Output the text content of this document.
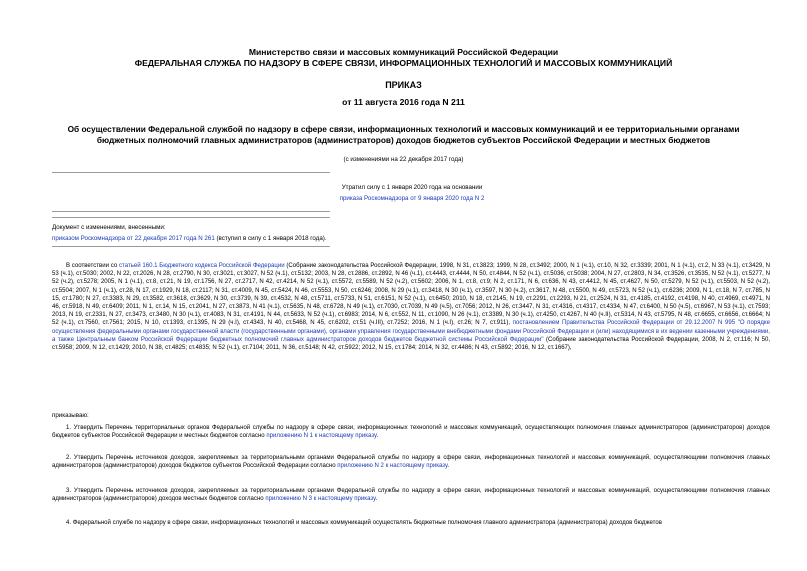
Министерство связи и массовых коммуникаций Российской Федерации
ФЕДЕРАЛЬНАЯ СЛУЖБА ПО НАДЗОРУ В СФЕРЕ СВЯЗИ, ИНФОРМАЦИОННЫХ ТЕХНОЛОГИЙ И МАССОВЫХ КОММУНИКАЦИЙ
ПРИКАЗ
от 11 августа 2016 года N 211
Об осуществлении Федеральной службой по надзору в сфере связи, информационных технологий и массовых коммуникаций и ее территориальными органами
бюджетных полномочий главных администраторов (администраторов) доходов бюджетов субъектов Российской Федерации и местных бюджетов
(с изменениями на 22 декабря 2017 года)
Утратил силу с 1 января 2020 года на основании
приказа Роскомнадзора от 9 января 2020 года N 2
Документ с изменениями, внесенными:
приказом Роскомнадзора от 22 декабря 2017 года N 261 (вступил в силу с 1 января 2018 года).
В соответствии со статьей 160.1 Бюджетного кодекса Российской Федерации (Собрание законодательства Российской Федерации, 1998, N 31, ст.3823; 1999, N 28, ст.3492; 2000, N 1 (ч.1), ст.10, N 32, ст.3339; 2001, N 1 (ч.1), ст.2, N 33 (ч.1), ст.3429, N 53 (ч.1), ст.5030; 2002, N 22, ст.2026, N 28, ст.2790, N 30, ст.3021, ст.3027, N 52 (ч.1), ст.5132; 2003, N 28, ст.2886, ст.2892, N 46 (ч.1), ст.4443, ст.4444, N 50, ст.4844, N 52 (ч.1), ст.5036, ст.5038; 2004, N 27, ст.2803, N 34, ст.3526, ст.3535, N 52 (ч.1), ст.5277, N 52 (ч.2), ст.5278; 2005, N 1 (ч.1), ст.8, ст.21, N 19, ст.1756, N 27, ст.2717, N 42, ст.4214, N 52 (ч.1), ст.5572, ст.5589, N 52 (ч.2), ст.5602; 2006, N 1, ст.8, ст.9; N 2, ст.171, N 6, ст.636, N 43, ст.4412, N 45, ст.4627, N 50, ст.5279, N 52 (ч.1), ст.5503, N 52 (ч.2), ст.5504; 2007, N 1 (ч.1), ст.28, N 17, ст.1929, N 18, ст.2117; N 31, ст.4009, N 45, ст.5424, N 46, ст.5553, N 50, ст.6246; 2008, N 29 (ч.1), ст.3418, N 30 (ч.1), ст.3597, N 30 (ч.2), ст.3617, N 48, ст.5500, N 49, ст.5723, N 52 (ч.1), ст.6236; 2009, N 1, ст.18, N 7, ст.785, N 15, ст.1780; N 27, ст.3383, N 29, ст.3582, ст.3618, ст.3629, N 30, ст.3739, N 39, ст.4532, N 48, ст.5711, ст.5733, N 51, ст.6151, N 52 (ч.1), ст.6450; 2010, N 18, ст.2145, N 19, ст.2291, ст.2293, N 21, ст.2524, N 31, ст.4185, ст.4192, ст.4198, N 40, ст.4969, ст.4971, N 46, ст.5918, N 49, ст.6409; 2011, N 1, ст.14, N 15, ст.2041, N 27, ст.3873, N 41 (ч.1), ст.5635, N 48, ст.6728, N 49 (ч.1), ст.7030, ст.7039, N 49 (ч.5), ст.7056; 2012, N 26, ст.3447, N 31, ст.4316, ст.4317, ст.4334, N 47, ст.6400, N 50 (ч.5), ст.6967, N 53 (ч.1), ст.7593; 2013, N 19, ст.2331, N 27, ст.3473, ст.3480, N 30 (ч.1), ст.4083, N 31, ст.4191, N 44, ст.5633, N 52 (ч.1), ст.6983; 2014, N 6, ст.552, N 11, ст.1090, N 26 (ч.1), ст.3389, N 30 (ч.1), ст.4250, ст.4267, N 40 (ч.II), ст.5314, N 43, ст.5795, N 48, ст.6655, ст.6656, ст.6664; N 52 (ч.1), ст.7560, ст.7561; 2015, N 10, ст.1393, ст.1395, N 29 (ч.I), ст.4343, N 40, ст.5468, N 45, ст.6202, ст.51 (ч.III), ст.7252; 2016, N 1 (ч.I), ст.26; N 7, ст.911), постановлением Правительства Российской Федерации от 29.12.2007 N 995 "О порядке осуществления федеральными органами государственной власти (государственными органами), органами управления государственными внебюджетными фондами Российской Федерации и (или) находящимися в их ведении казенными учреждениями, а также Центральным банком Российской Федерации бюджетных полномочий главных администраторов доходов бюджетов бюджетной системы Российской Федерации" (Собрание законодательства Российской Федерации, 2008, N 2, ст.116; N 50, ст.5958; 2009, N 12, ст.1429; 2010, N 38, ст.4825; ст.4835; N 52 (ч.1), ст.7104; 2011, N 36, ст.5148; N 42, ст.5922; 2012, N 15, ст.1784; 2014, N 32, ст.4486; N 43, ст.5892; 2016, N 12, ст.1667),
приказываю:
1. Утвердить Перечень территориальных органов Федеральной службы по надзору в сфере связи, информационных технологий и массовых коммуникаций, осуществляющих полномочия главных администраторов (администраторов) доходов бюджетов субъектов Российской Федерации и местных бюджетов согласно приложению N 1 к настоящему приказу.
2. Утвердить Перечень источников доходов, закрепляемых за территориальными органами Федеральной службы по надзору в сфере связи, информационных технологий и массовых коммуникаций, осуществляющими полномочия главных администраторов (администраторов) доходов бюджетов субъектов Российской Федерации согласно приложению N 2 к настоящему приказу.
3. Утвердить Перечень источников доходов, закрепляемых за территориальными органами Федеральной службы по надзору в сфере связи, информационных технологий и массовых коммуникаций, осуществляющими полномочия главных администраторов (администраторов) доходов местных бюджетов согласно приложению N 3 к настоящему приказу.
4. Федеральной службе по надзору в сфере связи, информационных технологий и массовых коммуникаций осуществлять бюджетные полномочия главного администратора (администратора) доходов бюджетов
